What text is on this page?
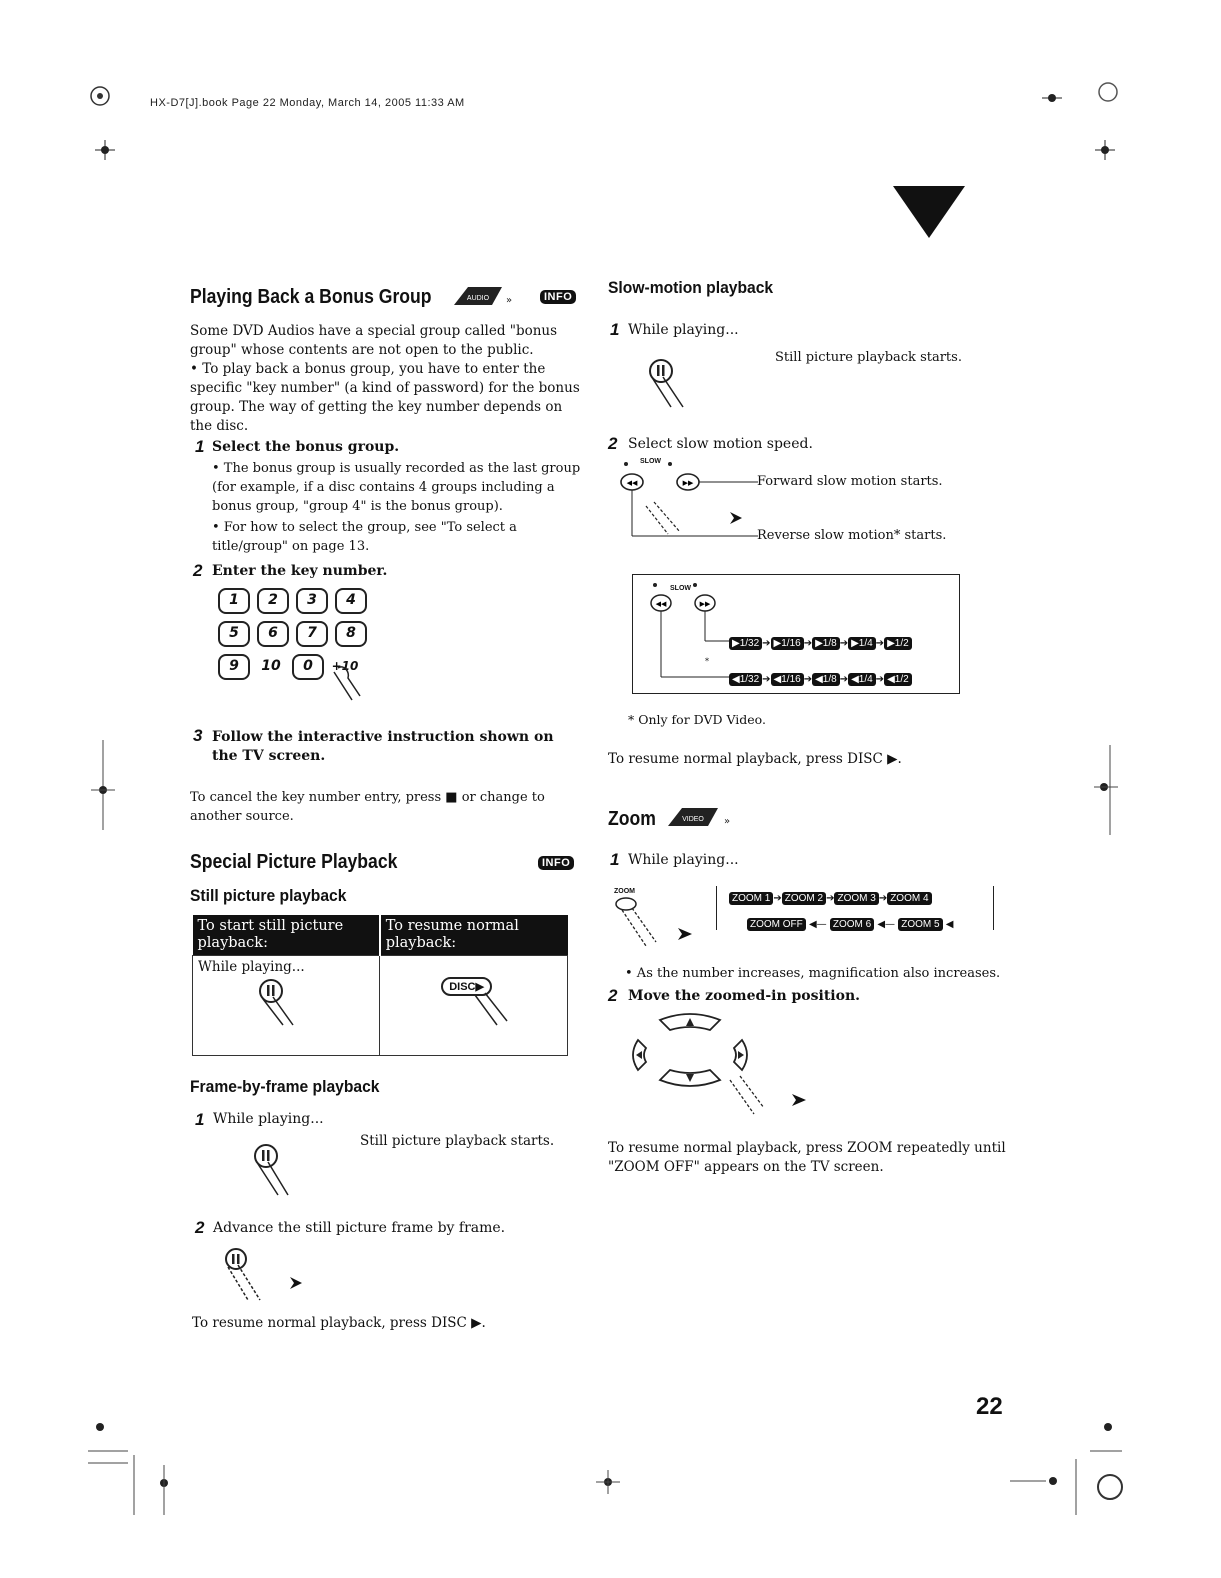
HX-D7[J].book Page 22 Monday, March 14, 2005 11:33 AM
Playing Back a Bonus Group	AUDIO »	INFO
Some DVD Audios have a special group called "bonus group" whose contents are not open to the public.
• To play back a bonus group, you have to enter the specific "key number" (a kind of password) for the bonus group. The way of getting the key number depends on the disc.
1 Select the bonus group.
• The bonus group is usually recorded as the last group (for example, if a disc contains 4 groups including a bonus group, "group 4" is the bonus group).
• For how to select the group, see "To select a title/group" on page 13.
2 Enter the key number.
1 2 3 4
5 6 7 8
9 10 0 +10
3 Follow the interactive instruction shown on the TV screen.
To cancel the key number entry, press ■ or change to another source.
Special Picture Playback	INFO
Still picture playback
To start still picture playback:	To resume normal playback:

While playing...	DISC▶
Frame-by-frame playback
1 While playing...
Still picture playback starts.
2 Advance the still picture frame by frame.
To resume normal playback, press DISC ▶.
Slow-motion playback
1 While playing...
Still picture playback starts.
2 Select slow motion speed.
◀◀	▶▶
SLOW
Forward slow motion starts.
Reverse slow motion* starts.
◀◀	▶▶
SLOW
▶1/32 ➔ ▶1/16 ➔ ▶1/8 ➔ ▶1/4 ➔ ▶1/2
*
◀1/32 ➔ ◀1/16 ➔ ◀1/8 ➔ ◀1/4 ➔ ◀1/2
* Only for DVD Video.
To resume normal playback, press DISC ▶.
Zoom	VIDEO »
1 While playing...
ZOOM
ZOOM 1 ➔ ZOOM 2 ➔ ZOOM 3 ➔ ZOOM 4
ZOOM OFF ◀— ZOOM 6 ◀— ZOOM 5 ◀
• As the number increases, magnification also increases.
2 Move the zoomed-in position.
To resume normal playback, press ZOOM repeatedly until "ZOOM OFF" appears on the TV screen.
22
